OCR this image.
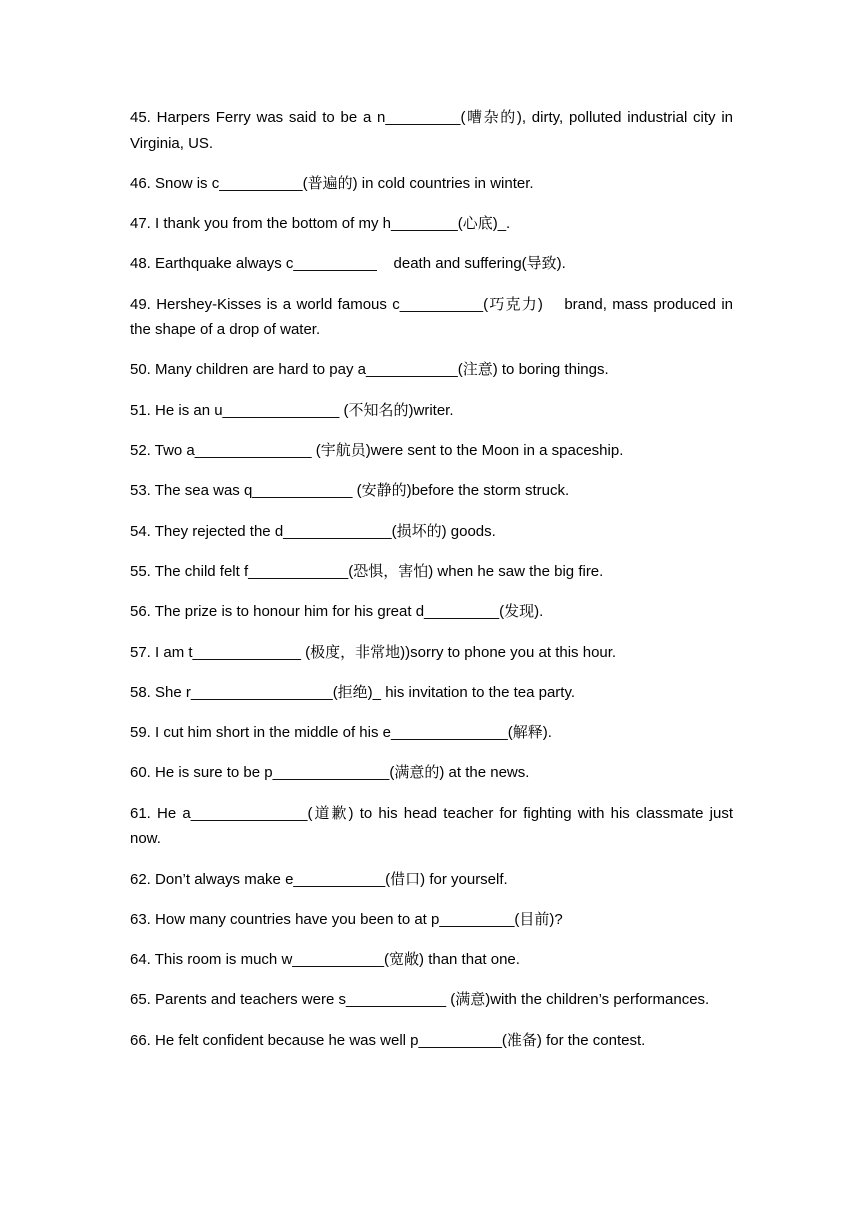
45. Harpers Ferry was said to be a n_________(嘈杂的), dirty, polluted industrial city in Virginia, US.

46. Snow is c__________(普遍的) in cold countries in winter.

47. I thank you from the bottom of my h________(心底)_.

48. Earthquake always c__________    death and suffering(导致).

49. Hershey-Kisses is a world famous c__________(巧克力)    brand, mass produced in the shape of a drop of water.

50. Many children are hard to pay a___________(注意) to boring things.

51. He is an u______________ (不知名的)writer.

52. Two a______________ (宇航员)were sent to the Moon in a spaceship.

53. The sea was q____________ (安静的)before the storm struck.

54. They rejected the d_____________(损坏的) goods.

55. The child felt f____________(恐惧，害怕) when he saw the big fire.

56. The prize is to honour him for his great d_________(发现).

57. I am t_____________ (极度，非常地))sorry to phone you at this hour.

58. She r_________________(拒绝)_ his invitation to the tea party.

59. I cut him short in the middle of his e______________(解释).

60. He is sure to be p______________(满意的) at the news.

61. He a______________(道歉) to his head teacher for fighting with his classmate just now.

62. Don’t always make e___________(借口) for yourself.

63. How many countries have you been to at p_________(目前)?

64. This room is much w___________(宽敞) than that one.

65. Parents and teachers were s____________ (满意)with the children’s performances.

66. He felt confident because he was well p__________(准备) for the contest.
